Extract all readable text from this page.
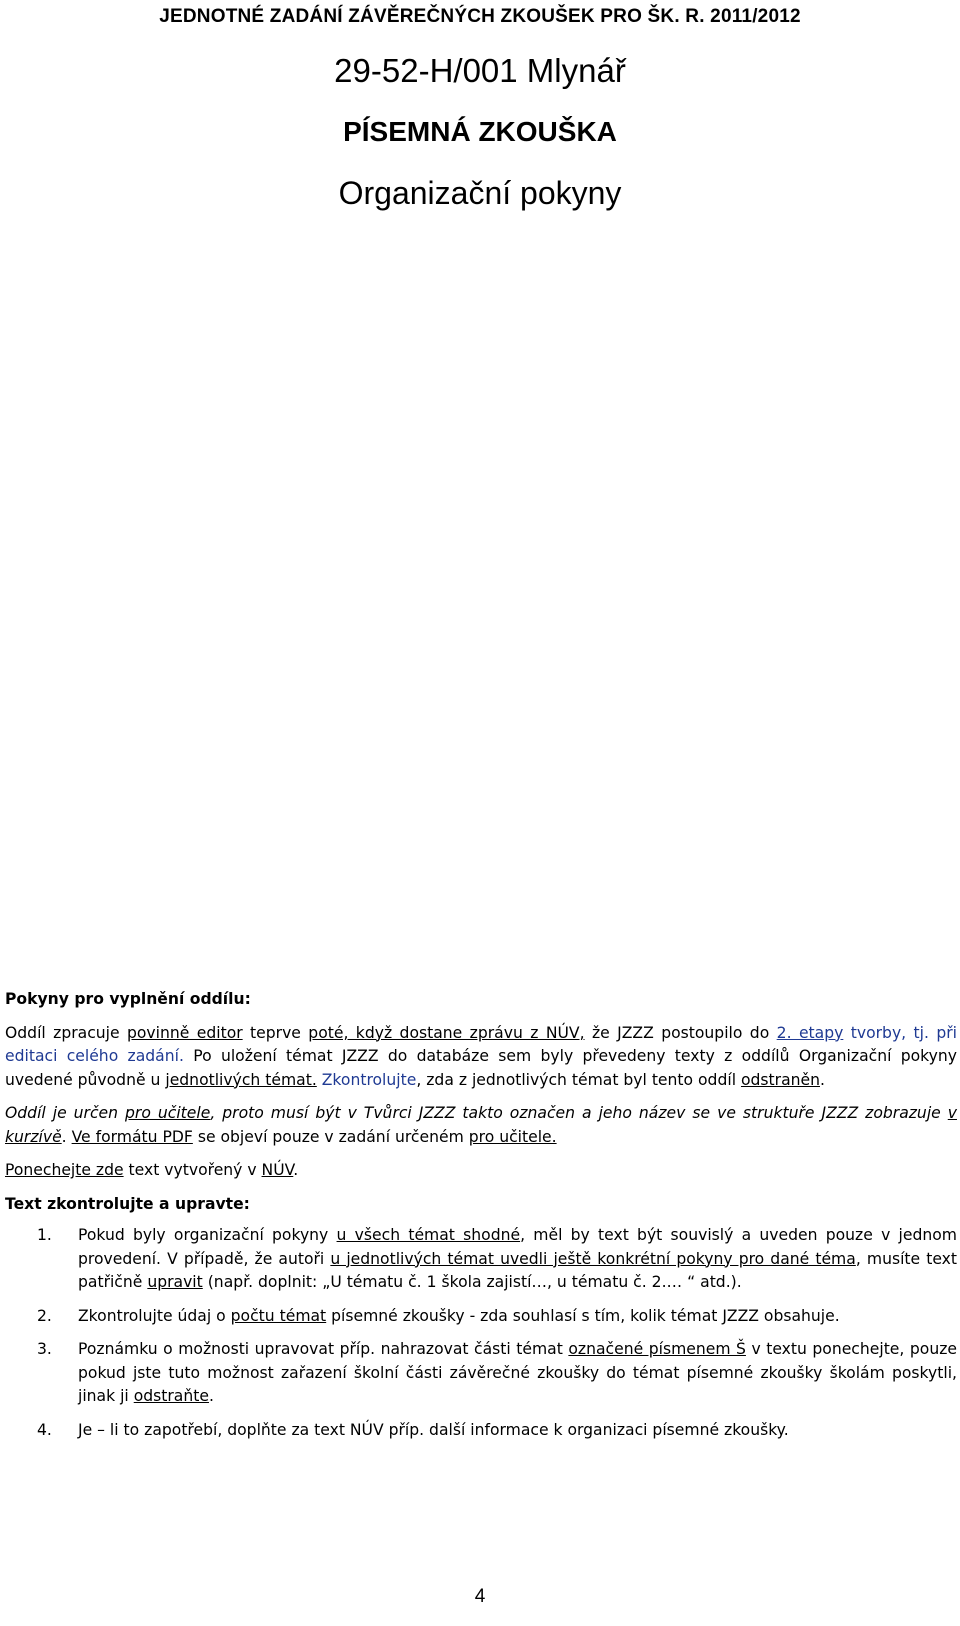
JEDNOTNÉ ZADÁNÍ ZÁVĚREČNÝCH ZKOUŠEK PRO ŠK. R. 2011/2012
29-52-H/001 Mlynář
PÍSEMNÁ ZKOUŠKA
Organizační pokyny

Pokyny pro vyplnění oddílu:

Oddíl zpracuje povinně editor teprve poté, když dostane zprávu z NÚV, že JZZZ postoupilo do 2. etapy tvorby, tj. při editaci celého zadání. Po uložení témat JZZZ do databáze sem byly převedeny texty z oddílů Organizační pokyny uvedené původně u jednotlivých témat. Zkontrolujte, zda z jednotlivých témat byl tento oddíl odstraněn.

Oddíl je určen pro učitele, proto musí být v Tvůrci JZZZ takto označen a jeho název se ve struktuře JZZZ zobrazuje v kurzívě. Ve formátu PDF se objeví pouze v zadání určeném pro učitele.

Ponechejte zde text vytvořený v NÚV.

Text zkontrolujte a upravte:

1. Pokud byly organizační pokyny u všech témat shodné, měl by text být souvislý a uveden pouze v jednom provedení. V případě, že autoři u jednotlivých témat uvedli ještě konkrétní pokyny pro dané téma, musíte text patřičně upravit (např. doplnit: „U tématu č. 1 škola zajistí…, u tématu č. 2.… “ atd.).
2. Zkontrolujte údaj o počtu témat písemné zkoušky - zda souhlasí s tím, kolik témat JZZZ obsahuje.
3. Poznámku o možnosti upravovat příp. nahrazovat části témat označené písmenem Š v textu ponechejte, pouze pokud jste tuto možnost zařazení školní části závěrečné zkoušky do témat písemné zkoušky školám poskytli, jinak ji odstraňte.
4. Je – li to zapotřebí, doplňte za text NÚV příp. další informace k organizaci písemné zkoušky.
4
